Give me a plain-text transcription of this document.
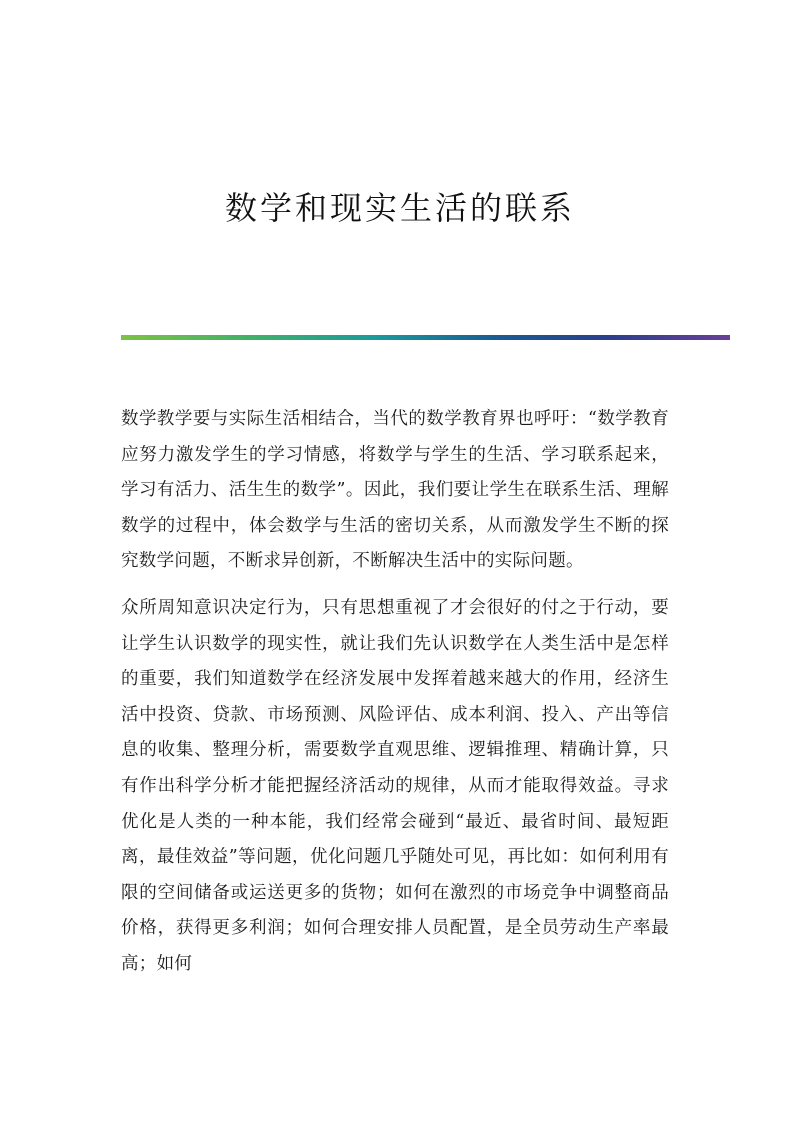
数学和现实生活的联系

数学教学要与实际生活相结合，当代的数学教育界也呼吁：“数学教育应努力激发学生的学习情感，将数学与学生的生活、学习联系起来，学习有活力、活生生的数学”。因此，我们要让学生在联系生活、理解数学的过程中，体会数学与生活的密切关系，从而激发学生不断的探究数学问题，不断求异创新，不断解决生活中的实际问题。

众所周知意识决定行为，只有思想重视了才会很好的付之于行动，要让学生认识数学的现实性，就让我们先认识数学在人类生活中是怎样的重要，我们知道数学在经济发展中发挥着越来越大的作用，经济生活中投资、贷款、市场预测、风险评估、成本利润、投入、产出等信息的收集、整理分析，需要数学直观思维、逻辑推理、精确计算，只有作出科学分析才能把握经济活动的规律，从而才能取得效益。寻求优化是人类的一种本能，我们经常会碰到“最近、最省时间、最短距离，最佳效益”等问题，优化问题几乎随处可见，再比如：如何利用有限的空间储备或运送更多的货物；如何在激烈的市场竞争中调整商品价格，获得更多利润；如何合理安排人员配置，是全员劳动生产率最高；如何
